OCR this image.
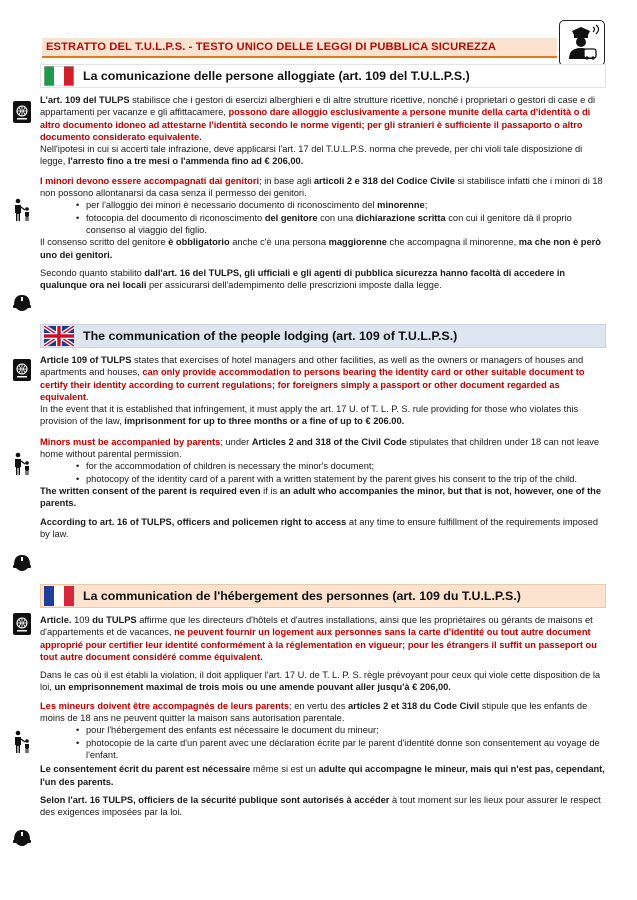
ESTRATTO DEL T.U.L.P.S. - TESTO UNICO DELLE LEGGI DI PUBBLICA SICUREZZA
La comunicazione delle persone alloggiate (art. 109 del T.U.L.P.S.)
L'art. 109 del TULPS stabilisce che i gestori di esercizi alberghieri e di altre strutture ricettive, nonché i proprietari o gestori di case e di appartamenti per vacanze e gli affittacamere, possono dare alloggio esclusivamente a persone munite della carta d'identità o di altro documento idoneo ad attestarne l'identità secondo le norme vigenti; per gli stranieri è sufficiente il passaporto o altro documento considerato equivalente.
Nell'ipotesi in cui si accerti tale infrazione, deve applicarsi l'art. 17 del T.U.L.P.S. norma che prevede, per chi violi tale disposizione di legge, l'arresto fino a tre mesi o l'ammenda fino ad € 206,00.
I minori devono essere accompagnati dai genitori; in base agli articoli 2 e 318 del Codice Civile si stabilisce infatti che i minori di 18 non possono allontanarsi da casa senza il permesso dei genitori.
• per l'alloggio dei minori è necessario documento di riconoscimento del minorenne;
• fotocopia del documento di riconoscimento del genitore con una dichiarazione scritta con cui il genitore dà il proprio consenso al viaggio del figlio.
Il consenso scritto del genitore è obbligatorio anche c'è una persona maggiorenne che accompagna il minorenne, ma che non è però uno dei genitori.
Secondo quanto stabilito dall'art. 16 del TULPS, gli ufficiali e gli agenti di pubblica sicurezza hanno facoltà di accedere in qualunque ora nei locali per assicurarsi dell'adempimento delle prescrizioni imposte dalla legge.
The communication of the people lodging (art. 109 of T.U.L.P.S.)
Article 109 of TULPS states that exercises of hotel managers and other facilities, as well as the owners or managers of houses and apartments and houses, can only provide accommodation to persons bearing the identity card or other suitable document to certify their identity according to current regulations; for foreigners simply a passport or other document regarded as equivalent.
In the event that it is established that infringement, it must apply the art. 17 U. of T. L. P. S. rule providing for those who violates this provision of the law, imprisonment for up to three months or a fine of up to € 206.00.
Minors must be accompanied by parents; under Articles 2 and 318 of the Civil Code stipulates that children under 18 can not leave home without parental permission.
• for the accommodation of children is necessary the minor's document;
• photocopy of the identity card of a parent with a written statement by the parent gives his consent to the trip of the child.
The written consent of the parent is required even if is an adult who accompanies the minor, but that is not, however, one of the parents.
According to art. 16 of TULPS, officers and policemen right to access at any time to ensure fulfillment of the requirements imposed by law.
La communication de l'hébergement des personnes (art. 109 du T.U.L.P.S.)
Article. 109 du TULPS affirme que les directeurs d'hôtels et d'autres installations, ainsi que les propriétaires ou gérants de maisons et d'appartements et de vacances, ne peuvent fournir un logement aux personnes sans la carte d'identité ou tout autre document approprié pour certifier leur identité conformément à la réglementation en vigueur; pour les étrangers il suffit un passeport ou tout autre document considéré comme équivalent.
Dans le cas où il est établi la violation, il doit appliquer l'art. 17 U. de T. L. P. S. règle prévoyant pour ceux qui viole cette disposition de la loi, un emprisonnement maximal de trois mois ou une amende pouvant aller jusqu'à € 206,00.
Les mineurs doivent être accompagnés de leurs parents; en vertu des articles 2 et 318 du Code Civil stipule que les enfants de moins de 18 ans ne peuvent quitter la maison sans autorisation parentale.
• pour l'hébergement des enfants est nécessaire le document du mineur;
• photocopie de la carte d'un parent avec une déclaration écrite par le parent d'identité donne son consentement au voyage de l'enfant.
Le consentement écrit du parent est nécessaire même si est un adulte qui accompagne le mineur, mais qui n'est pas, cependant, l'un des parents.
Selon l'art. 16 TULPS, officiers de la sécurité publique sont autorisés à accéder à tout moment sur les lieux pour assurer le respect des exigences imposées par la loi.
